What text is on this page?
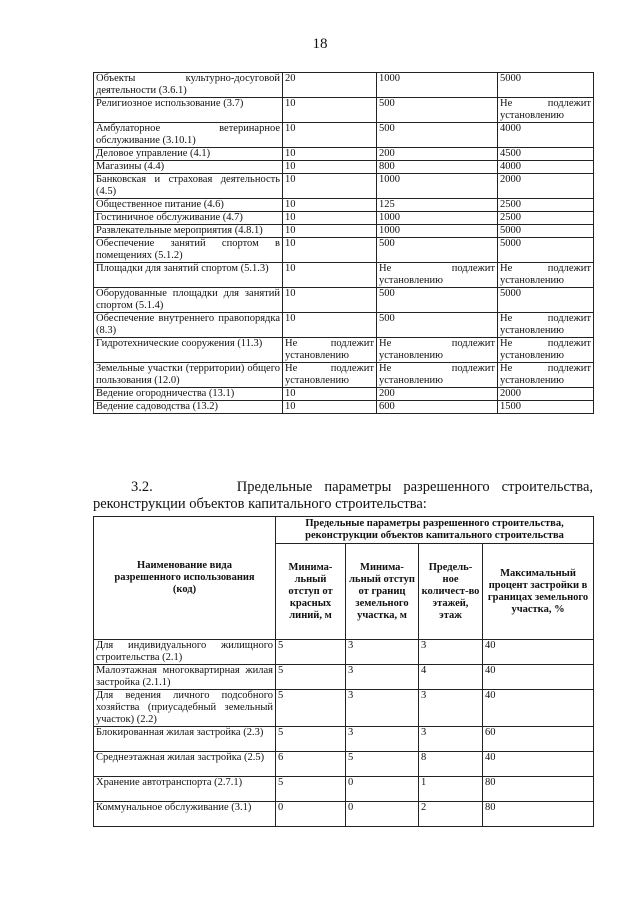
18
Объекты культурно-досуговой деятельности (3.6.1)	20	1000	5000
Религиозное использование (3.7)	10	500	Не подлежит установлению
Амбулаторное ветеринарное обслуживание (3.10.1)	10	500	4000
Деловое управление (4.1)	10	200	4500
Магазины (4.4)	10	800	4000
Банковская и страховая деятельность (4.5)	10	1000	2000
Общественное питание (4.6)	10	125	2500
Гостиничное обслуживание (4.7)	10	1000	2500
Развлекательные мероприятия (4.8.1)	10	1000	5000
Обеспечение занятий спортом в помещениях (5.1.2)	10	500	5000
Площадки для занятий спортом (5.1.3)	10	Не подлежит установлению	Не подлежит установлению
Оборудованные площадки для занятий спортом (5.1.4)	10	500	5000
Обеспечение внутреннего правопорядка (8.3)	10	500	Не подлежит установлению
Гидротехнические сооружения (11.3)	Не подлежит установлению	Не подлежит установлению	Не подлежит установлению
Земельные участки (территории) общего пользования (12.0)	Не подлежит установлению	Не подлежит установлению	Не подлежит установлению
Ведение огородничества (13.1)	10	200	2000
Ведение садоводства (13.2)	10	600	1500
3.2.	Предельные параметры разрешенного строительства, реконструкции объектов капитального строительства:
Наименование вида разрешенного использования (код)	Предельные параметры разрешенного строительства, реконструкции объектов капитального строительства			
	Минима-льный отступ от красных линий, м	Минима-льный отступ от границ земельного участка, м	Предель-ное количест-во этажей, этаж	Максимальный процент застройки в границах земельного участка, %
Для индивидуального жилищного строительства (2.1)	5	3	3	40
Малоэтажная многоквартирная жилая застройка (2.1.1)	5	3	4	40
Для ведения личного подсобного хозяйства (приусадебный земельный участок) (2.2)	5	3	3	40
Блокированная жилая застройка (2.3)	5	3	3	60
Среднеэтажная жилая застройка (2.5)	6	5	8	40
Хранение автотранспорта (2.7.1)	5	0	1	80
Коммунальное обслуживание (3.1)	0	0	2	80
